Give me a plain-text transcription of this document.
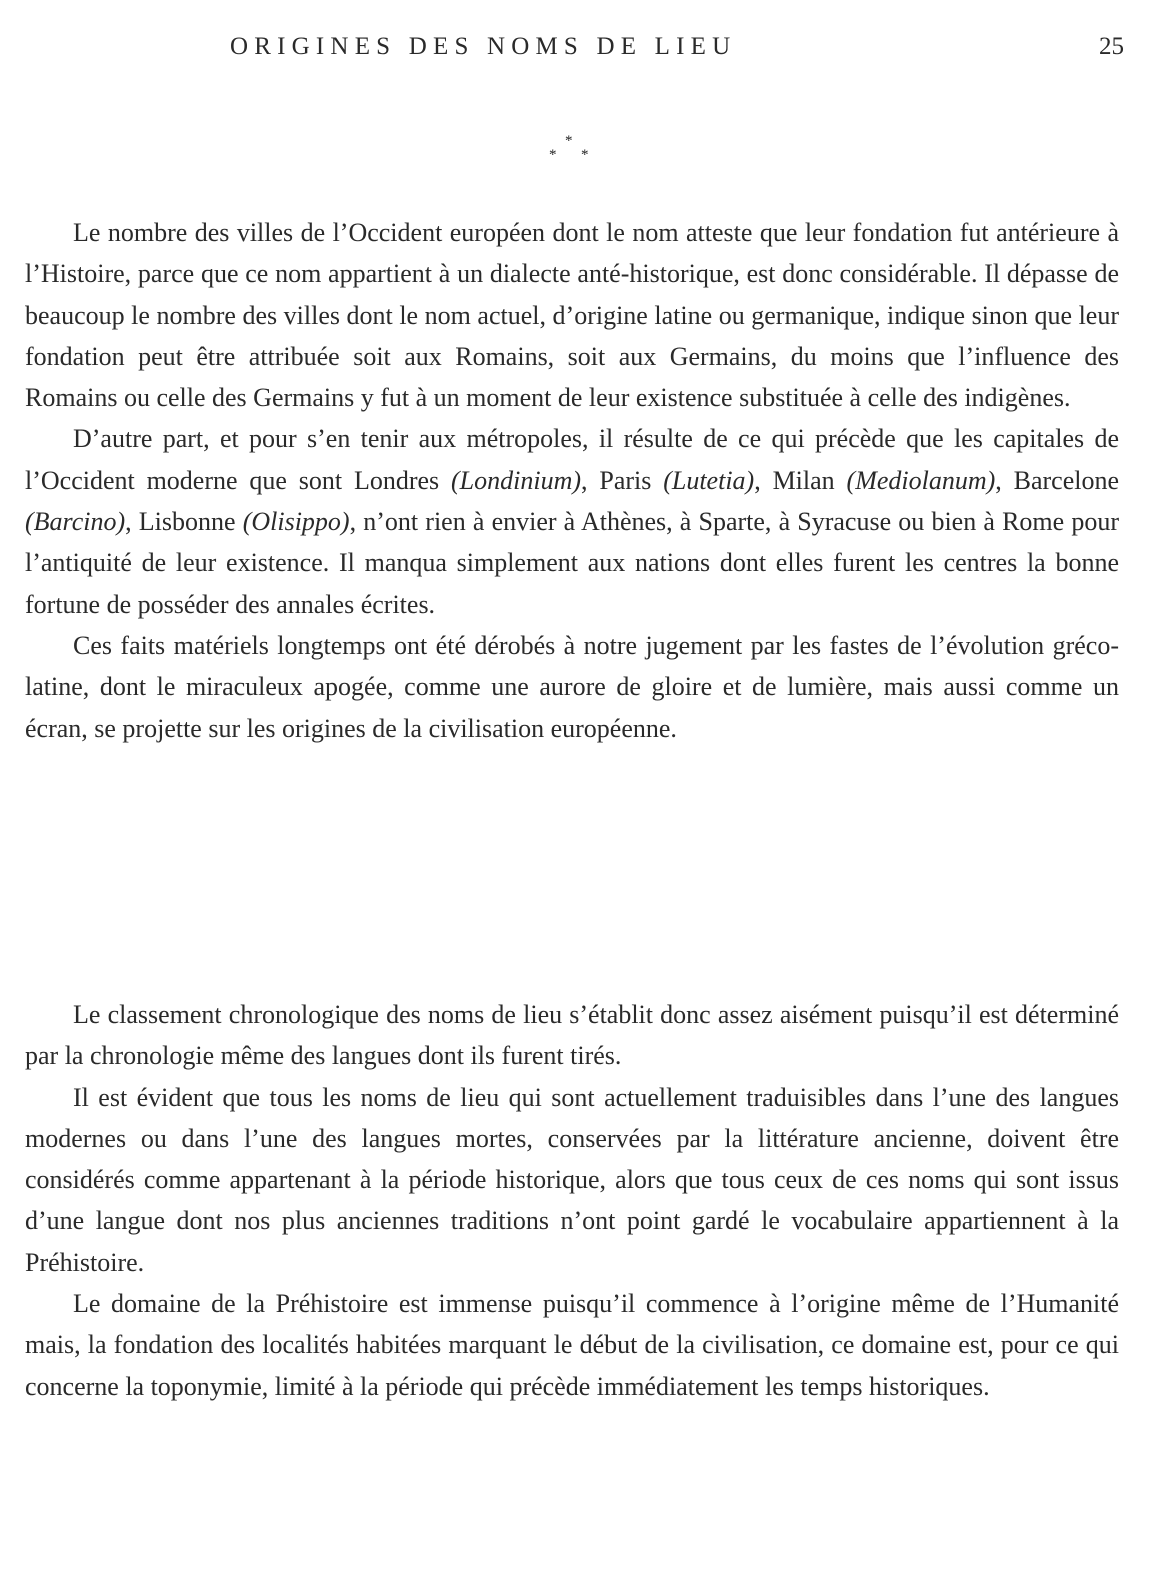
ORIGINES DES NOMS DE LIEU	25
*
* *

Le nombre des villes de l’Occident européen dont le nom atteste que leur fondation fut antérieure à l’Histoire, parce que ce nom appartient à un dialecte anté-historique, est donc considérable. Il dépasse de beaucoup le nombre des villes dont le nom actuel, d’origine latine ou germanique, indique sinon que leur fondation peut être attribuée soit aux Romains, soit aux Germains, du moins que l’influence des Romains ou celle des Germains y fut à un moment de leur existence substituée à celle des indigènes.

D’autre part, et pour s’en tenir aux métropoles, il résulte de ce qui précède que les capitales de l’Occident moderne que sont Londres (Londinium), Paris (Lutetia), Milan (Mediolanum), Barcelone (Barcino), Lisbonne (Olisippo), n’ont rien à envier à Athènes, à Sparte, à Syracuse ou bien à Rome pour l’antiquité de leur existence. Il manqua simplement aux nations dont elles furent les centres la bonne fortune de posséder des annales écrites.

Ces faits matériels longtemps ont été dérobés à notre jugement par les fastes de l’évolution gréco-latine, dont le miraculeux apogée, comme une aurore de gloire et de lumière, mais aussi comme un écran, se projette sur les origines de la civilisation européenne.

Le classement chronologique des noms de lieu s’établit donc assez aisément puisqu’il est déterminé par la chronologie même des langues dont ils furent tirés.

Il est évident que tous les noms de lieu qui sont actuellement traduisibles dans l’une des langues modernes ou dans l’une des langues mortes, conservées par la littérature ancienne, doivent être considérés comme appartenant à la période historique, alors que tous ceux de ces noms qui sont issus d’une langue dont nos plus anciennes traditions n’ont point gardé le vocabulaire appartiennent à la Préhistoire.

Le domaine de la Préhistoire est immense puisqu’il commence à l’origine même de l’Humanité mais, la fondation des localités habitées marquant le début de la civilisation, ce domaine est, pour ce qui concerne la toponymie, limité à la période qui précède immédiatement les temps historiques.
